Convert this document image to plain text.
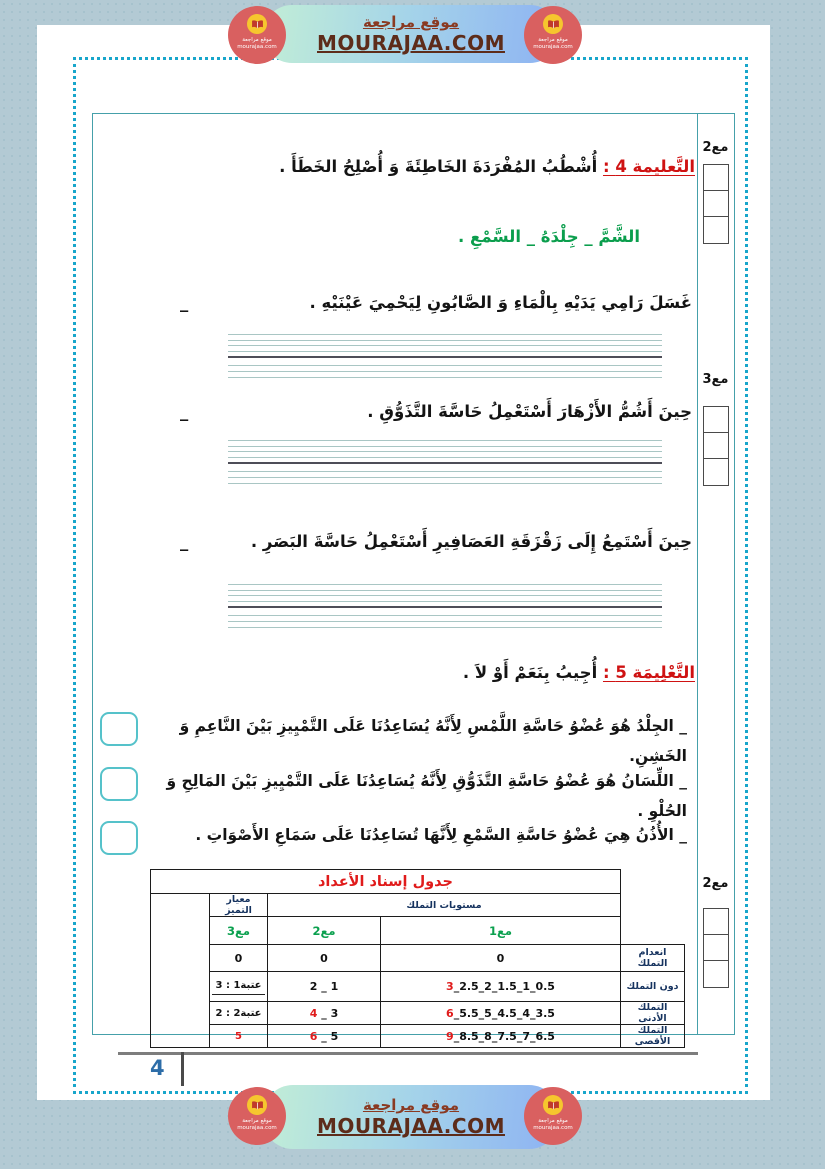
موقع مراجعة
mourajaa.com
موقع مراجعة
MOURAJAA.COM	موقع مراجعة
mourajaa.com
مع2
مع3
مع2
التَّعليمة 4 : أُشْطُبُ المُفْرَدَةَ الخَاطِئَةَ وَ أُصْلِحُ الخَطَأَ .
الشَّمَّ _ جِلْدَهُ _ السَّمْعِ .
غَسَلَ رَامِي يَدَيْهِ بِالْمَاءِ وَ الصَّابُونِ لِيَحْمِيَ عَيْنَيْهِ .
_
حِينَ أَشُمُّ الأَزْهَارَ أَسْتَعْمِلُ حَاسَّةَ التَّذَوُّقِ .
_
حِينَ أَسْتَمِعُ إِلَى زَقْزَقَةِ العَصَافِيرِ أَسْتَعْمِلُ حَاسَّةَ البَصَرِ .
_
التَّعْلِيمَة 5 : أُجِيبُ بِنَعَمْ أَوْ لاَ .
_ الجِلْدُ هُوَ عُضْوُ حَاسَّةِ اللَّمْسِ لِأَنَّهُ يُسَاعِدُنَا عَلَى التَّمْيِيزِ بَيْنَ النَّاعِمِ وَ الخَشِنِ.
_ اللِّسَانُ هُوَ عُضْوُ حَاسَّةِ التَّذَوُّقِ لِأَنَّهُ يُسَاعِدُنَا عَلَى التَّمْيِيزِ بَيْنَ المَالِحِ وَ الحُلْوِ .
_ الأُذُنُ هِيَ عُضْوُ حَاسَّةِ السَّمْعِ لِأَنَّهَا تُسَاعِدُنَا عَلَى سَمَاعِ الأَصْوَاتِ .
	جدول إسناد الأعداد			
	مستويات التملك		معيار التميز	
	مع1	مع2	مع3	
انعدام التملك	0	0	0	
دون التملك	3_2.5_2_1.5_1_0.5	2 _ 1	عتبة1 : 3	

التملك الأدنى	6_5.5_5_4.5_4_3.5	4 _ 3	عتبة2 : 2	
التملك الأقصى	9_8.5_8_7.5_7_6.5	6 _ 5	5	
4
موقع مراجعة
mourajaa.com
موقع مراجعة
MOURAJAA.COM	موقع مراجعة
mourajaa.com
